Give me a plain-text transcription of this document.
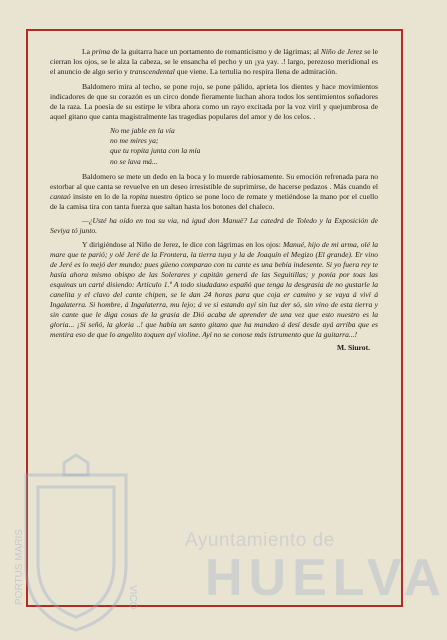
PORTUS MARIS	VICO
Ayuntamiento de
HUELVA

La prima de la guitarra hace un portamento de romanticismo y de lágrimas; al Niño de Jerez se le cierran los ojos, se le alza la cabeza, se le ensancha el pecho y un ¡ya yay. .! largo, perezoso meridional es el anuncio de algo serio y transcendental que viene. La tertulia no respira llena de admiración.

Baldomero mira al techo, se pone rojo, se pone pálido, aprieta los dientes y hace movimientos indicadores de que su corazón es un circo donde fieramente luchan ahora todos los sentimientos soñadores de la raza. La poesía de su estirpe le vibra ahora como un rayo excitada por la voz viril y quejumbrosa de aquel gitano que canta magistralmente las tragedias populares del amor y de los celos. .

No me jable en la vía
no me mires ya;
que tu ropita junta con la mía
no se lava má...

Baldomero se mete un dedo en la boca y lo muerde rabiosamente. Su emoción refrenada para no estorbar al que canta se revuelve en un deseo irresistible de suprimirse, de hacerse pedazos . Más cuando el cantaó insiste en lo de la ropita nuestro óptico se pone loco de remate y metiéndose la mano por el cuello de la camisa tira con tanta fuerza que saltan hasta los botones del chaleco.

—¿Usté ha oído en toa su via, ná igud don Manuë? La catedrá de Toledo y la Exposición de Seviya tó junto.

Y dirigiéndose al Niño de Jerez, le dice con lágrimas en los ojos: Manué, hijo de mi arma, olé la mare que te parió; y olé Jeré de la Frontera, la tierra tuya y la de Joaquín el Megizo (El grande). Er vino de Jeré es lo mejó der mundo; pues güeno comparao con tu cante es una bebía indesente. Si yo fuera rey te hasía ahora mismo obispo de las Solerares y capitán generá de las Seguitillas; y ponía por toas las esquinas un carté disiendo: Artículo 1.º A todo siudadano españó que tenga la desgrasia de no gustarle la canelita y el clavo del cante chipen, se le dan 24 horas para que coja er camino y se vaya á viví á Ingalaterra. Si hombre, á Ingalaterra, mu lejo; á ve si estando ayí sin luz der só, sin vino de esta tierra y sin cante que le diga cosas de la grasia de Dió acaba de aprender de una vez que esto nuestro es la gloria... ¡Si señó, la gloria ..! que había un santo gitano que ha mandao á desí desde ayá arriba que es mentira eso de que lo angelito toquen ayí violine. Ayí no se conose más istrumento que la guitarra...!

M. Siurot.
